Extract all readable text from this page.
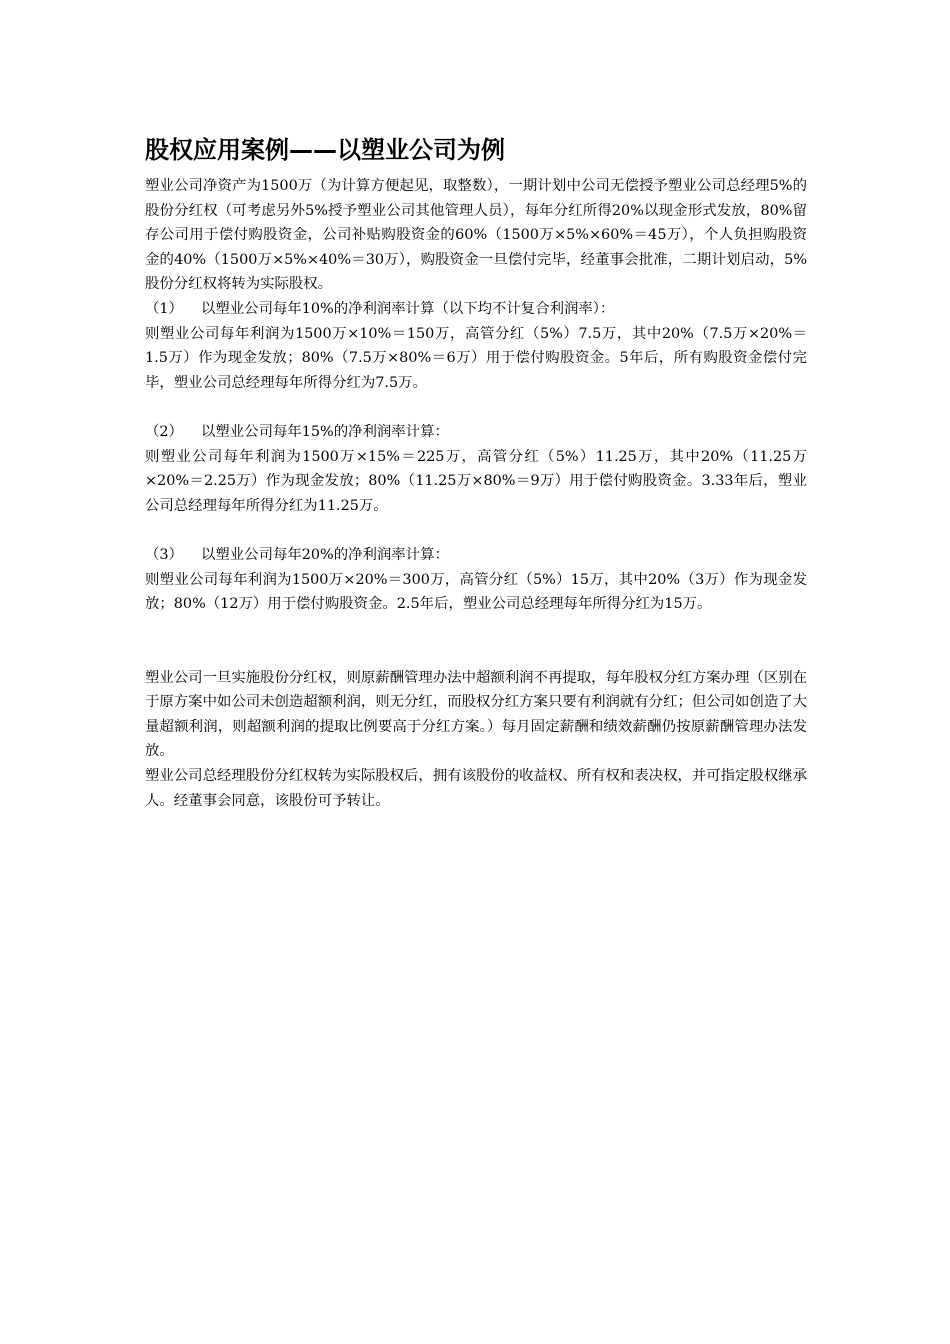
股权应用案例——以塑业公司为例

塑业公司净资产为1500万（为计算方便起见，取整数），一期计划中公司无偿授予塑业公司总经理5%的股份分红权（可考虑另外5%授予塑业公司其他管理人员），每年分红所得20%以现金形式发放，80%留存公司用于偿付购股资金，公司补贴购股资金的60%（1500万×5%×60%＝45万），个人负担购股资金的40%（1500万×5%×40%＝30万），购股资金一旦偿付完毕，经董事会批准，二期计划启动，5%股份分红权将转为实际股权。

（1） 以塑业公司每年10%的净利润率计算（以下均不计复合利润率）：

则塑业公司每年利润为1500万×10%＝150万，高管分红（5%）7.5万，其中20%（7.5万×20%＝1.5万）作为现金发放；80%（7.5万×80%＝6万）用于偿付购股资金。5年后，所有购股资金偿付完毕，塑业公司总经理每年所得分红为7.5万。

（2） 以塑业公司每年15%的净利润率计算：

则塑业公司每年利润为1500万×15%＝225万，高管分红（5%）11.25万，其中20%（11.25万×20%＝2.25万）作为现金发放；80%（11.25万×80%＝9万）用于偿付购股资金。3.33年后，塑业公司总经理每年所得分红为11.25万。

（3） 以塑业公司每年20%的净利润率计算：

则塑业公司每年利润为1500万×20%＝300万，高管分红（5%）15万，其中20%（3万）作为现金发放；80%（12万）用于偿付购股资金。2.5年后，塑业公司总经理每年所得分红为15万。

塑业公司一旦实施股份分红权，则原薪酬管理办法中超额利润不再提取，每年股权分红方案办理（区别在于原方案中如公司未创造超额利润，则无分红，而股权分红方案只要有利润就有分红；但公司如创造了大量超额利润，则超额利润的提取比例要高于分红方案。）每月固定薪酬和绩效薪酬仍按原薪酬管理办法发放。

塑业公司总经理股份分红权转为实际股权后，拥有该股份的收益权、所有权和表决权，并可指定股权继承人。经董事会同意，该股份可予转让。
